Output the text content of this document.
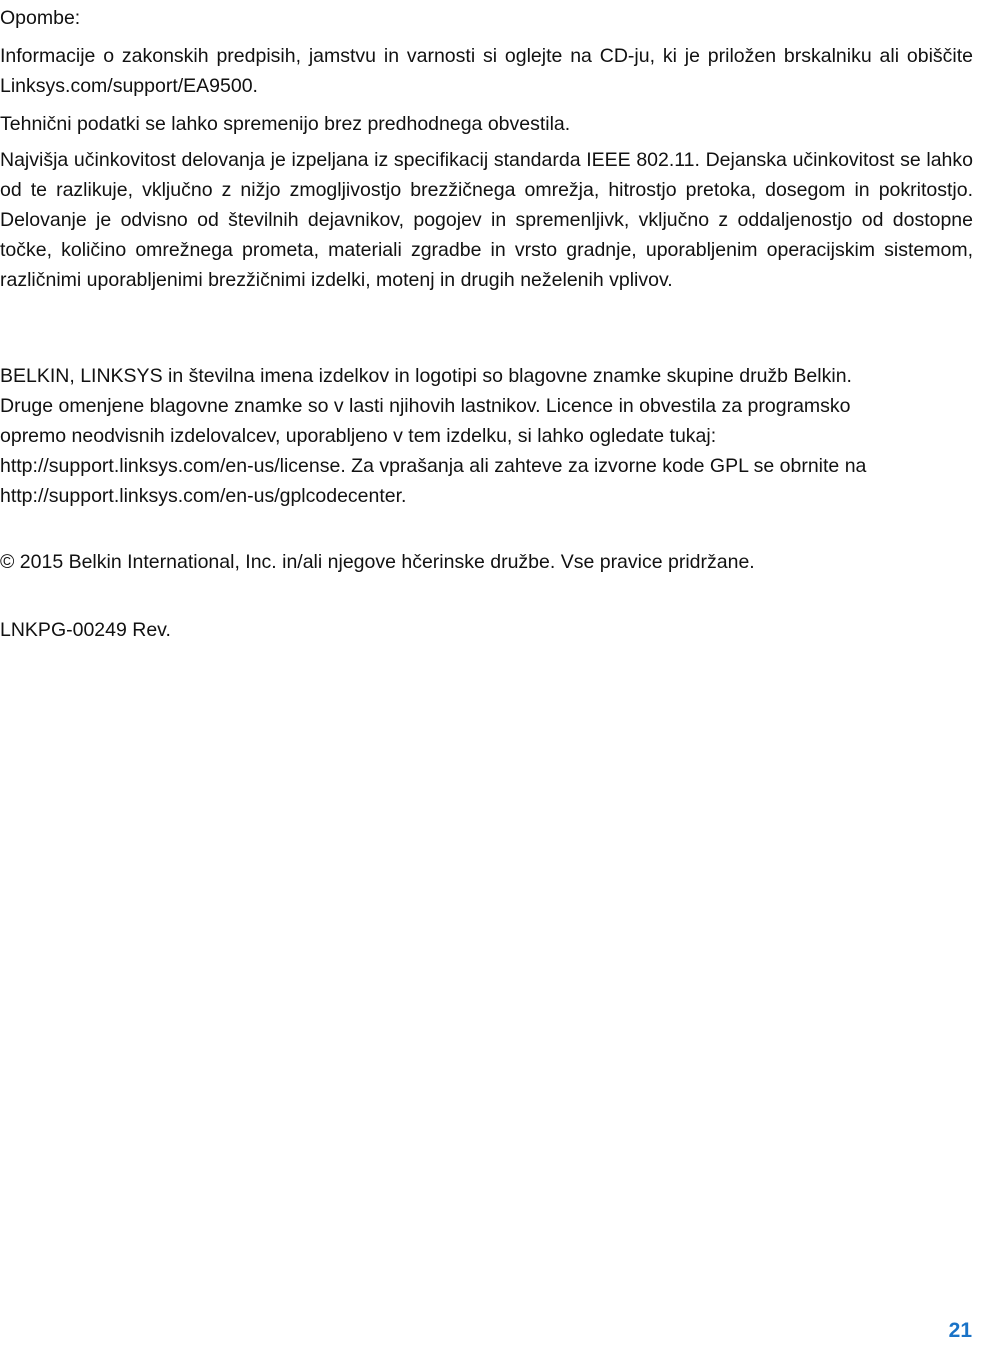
Opombe:

Informacije o zakonskih predpisih, jamstvu in varnosti si oglejte na CD-ju, ki je priložen brskalniku ali obiščite Linksys.com/support/EA9500.

Tehnični podatki se lahko spremenijo brez predhodnega obvestila.

Najvišja učinkovitost delovanja je izpeljana iz specifikacij standarda IEEE 802.11. Dejanska učinkovitost se lahko od te razlikuje, vključno z nižjo zmogljivostjo brezžičnega omrežja, hitrostjo pretoka, dosegom in pokritostjo. Delovanje je odvisno od številnih dejavnikov, pogojev in spremenljivk, vključno z oddaljenostjo od dostopne točke, količino omrežnega prometa, materiali zgradbe in vrsto gradnje, uporabljenim operacijskim sistemom, različnimi uporabljenimi brezžičnimi izdelki, motenj in drugih neželenih vplivov.

BELKIN, LINKSYS in številna imena izdelkov in logotipi so blagovne znamke skupine družb Belkin.
Druge omenjene blagovne znamke so v lasti njihovih lastnikov. Licence in obvestila za programsko
opremo neodvisnih izdelovalcev, uporabljeno v tem izdelku, si lahko ogledate tukaj:
http://support.linksys.com/en-us/license. Za vprašanja ali zahteve za izvorne kode GPL se obrnite na
http://support.linksys.com/en-us/gplcodecenter.

© 2015 Belkin International, Inc. in/ali njegove hčerinske družbe. Vse pravice pridržane.

LNKPG-00249 Rev.

21
